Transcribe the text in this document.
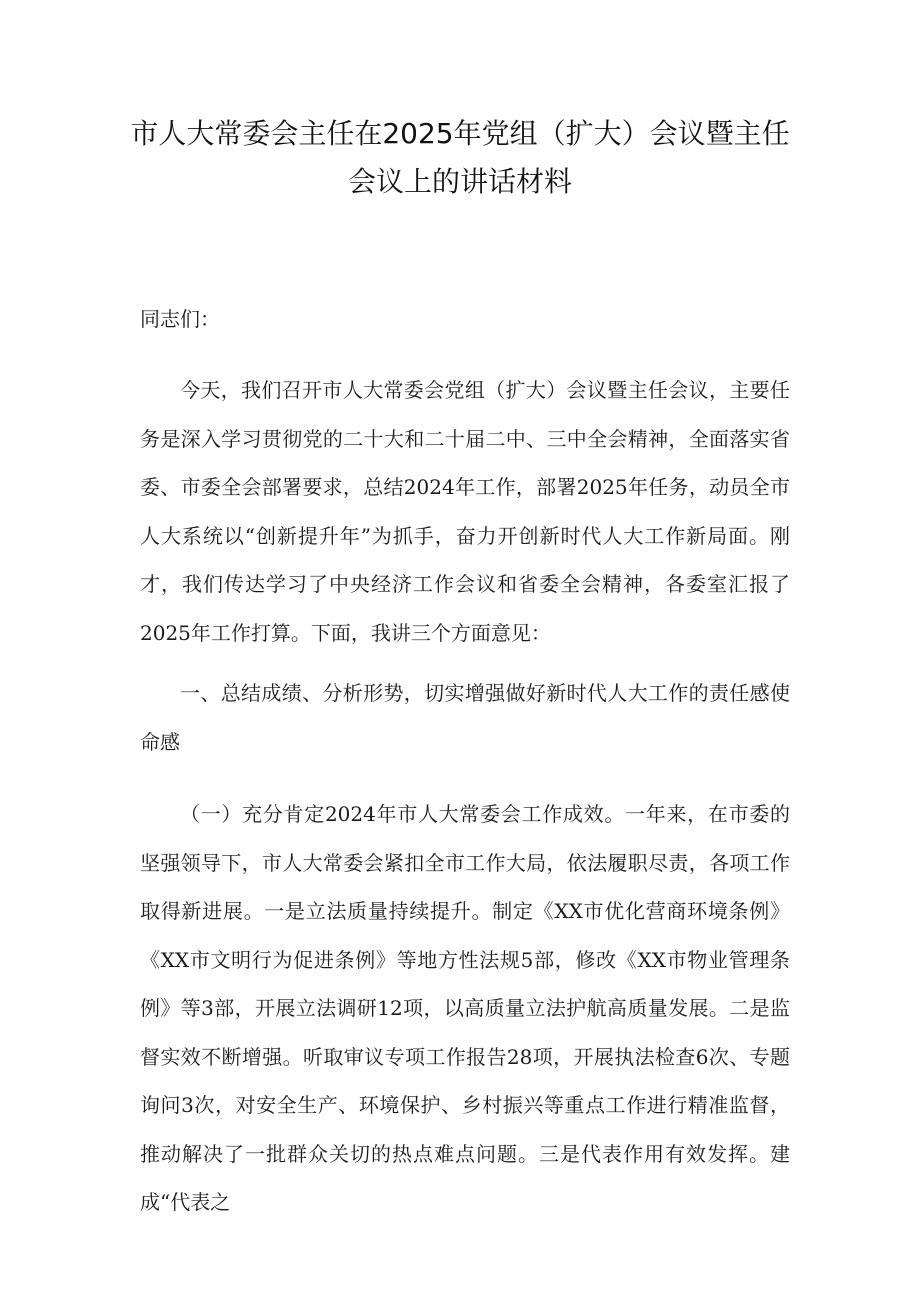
市人大常委会主任在2025年党组（扩大）会议暨主任会议上的讲话材料

同志们：

今天，我们召开市人大常委会党组（扩大）会议暨主任会议，主要任务是深入学习贯彻党的二十大和二十届二中、三中全会精神，全面落实省委、市委全会部署要求，总结2024年工作，部署2025年任务，动员全市人大系统以“创新提升年”为抓手，奋力开创新时代人大工作新局面。刚才，我们传达学习了中央经济工作会议和省委全会精神，各委室汇报了2025年工作打算。下面，我讲三个方面意见：

一、总结成绩、分析形势，切实增强做好新时代人大工作的责任感使命感

（一）充分肯定2024年市人大常委会工作成效。一年来，在市委的坚强领导下，市人大常委会紧扣全市工作大局，依法履职尽责，各项工作取得新进展。一是立法质量持续提升。制定《XX市优化营商环境条例》《XX市文明行为促进条例》等地方性法规5部，修改《XX市物业管理条例》等3部，开展立法调研12项，以高质量立法护航高质量发展。二是监督实效不断增强。听取审议专项工作报告28项，开展执法检查6次、专题询问3次，对安全生产、环境保护、乡村振兴等重点工作进行精准监督，推动解决了一批群众关切的热点难点问题。三是代表作用有效发挥。建成“代表之
